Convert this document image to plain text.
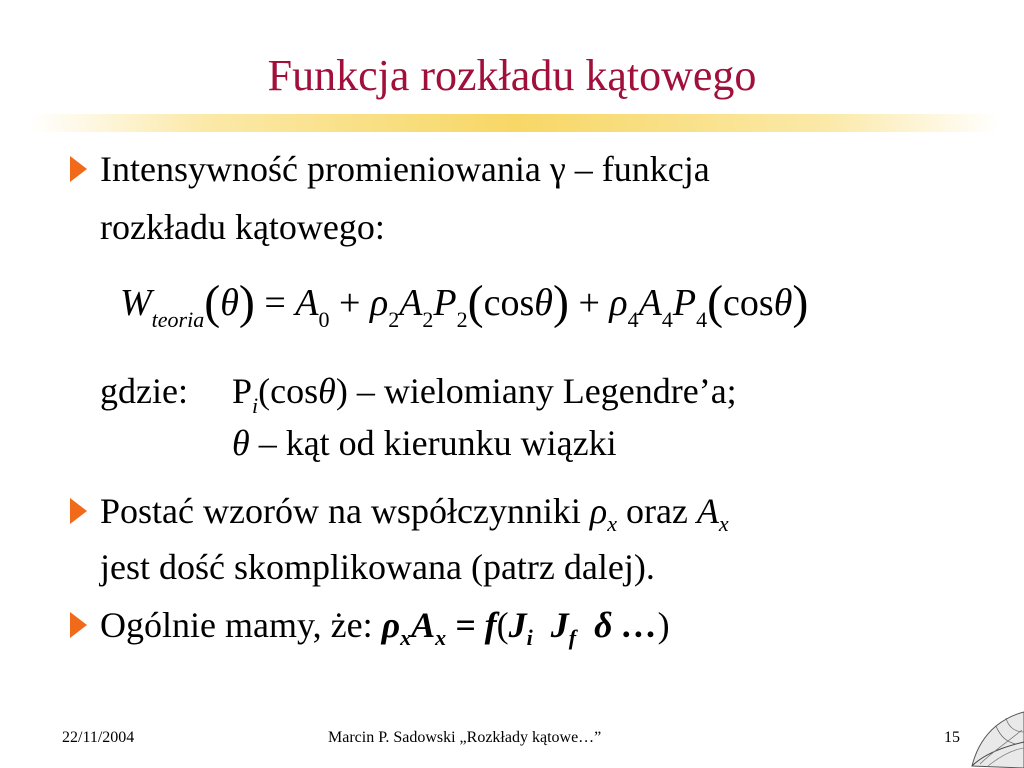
Funkcja rozkładu kątowego
Intensywność promieniowania γ – funkcja
rozkładu kątowego:
$W_{teoria}(\theta) = A_0 + \rho_2A_2P_2(\cos\theta) + \rho_4A_4P_4(\cos\theta)$
gdzie: $P_i(\cos\theta)$ – wielomiany Legendre’a;
θ – kąt od kierunku wiązki
Postać wzorów na współczynniki $\rho_x$ oraz $A_x$
jest dość skomplikowana (patrz dalej).
Ogólnie mamy, że: $\rho_xA_x = f(J_i$ $J_f$ δ …)
22/11/2004	Marcin P. Sadowski „Rozkłady kątowe…”	15
